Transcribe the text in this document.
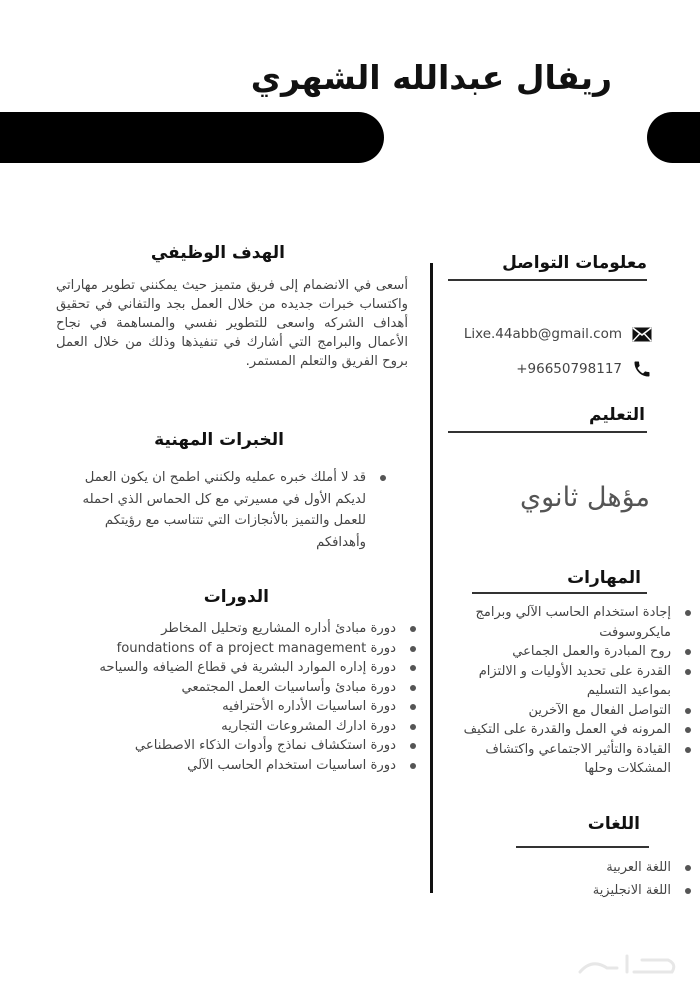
ريفال عبدالله الشهري
الهدف الوظيفي
أسعى في الانضمام إلى فريق متميز حيث يمكنني تطوير مهاراتي واكتساب خبرات جديده من خلال العمل بجد والتفاني في تحقيق أهداف الشركه واسعى للتطوير نفسي والمساهمة في نجاح الأعمال والبرامج التي أشارك في تنفيذها وذلك من خلال العمل بروح الفريق والتعلم المستمر.
الخبرات المهنية
قد لا أملك خبره عمليه ولكنني اطمح ان يكون العمل لديكم الأول في مسيرتي مع كل الحماس الذي احمله للعمل والتميز بالأنجازات التي تتناسب مع رؤيتكم وأهدافكم
الدورات
دورة مبادئ أداره المشاريع وتحليل المخاطر
دورة foundations of a project management
دورة إداره الموارد البشرية في قطاع الضيافه والسياحه
دورة مبادئ وأساسيات العمل المجتمعي
دورة اساسيات الأداره الأحترافيه
دورة ادارك المشروعات التجاريه
دورة استكشاف نماذج وأدوات الذكاء الاصطناعي
دورة اساسيات استخدام الحاسب الآلي
معلومات التواصل
Lixe.44abb@gmail.com
+96650798117
التعليم
مؤهل ثانوي
المهارات
إجادة استخدام الحاسب الآلي وبرامج مايكروسوفت
روح المبادرة والعمل الجماعي
القدرة على تحديد الأوليات و الالتزام بمواعيد التسليم
التواصل الفعال مع الآخرين
المرونه في العمل والقدرة على التكيف
القيادة والتأثير الاجتماعي واكتشاف المشكلات وحلها
اللغات
اللغة العربية
اللغة الانجليزية
